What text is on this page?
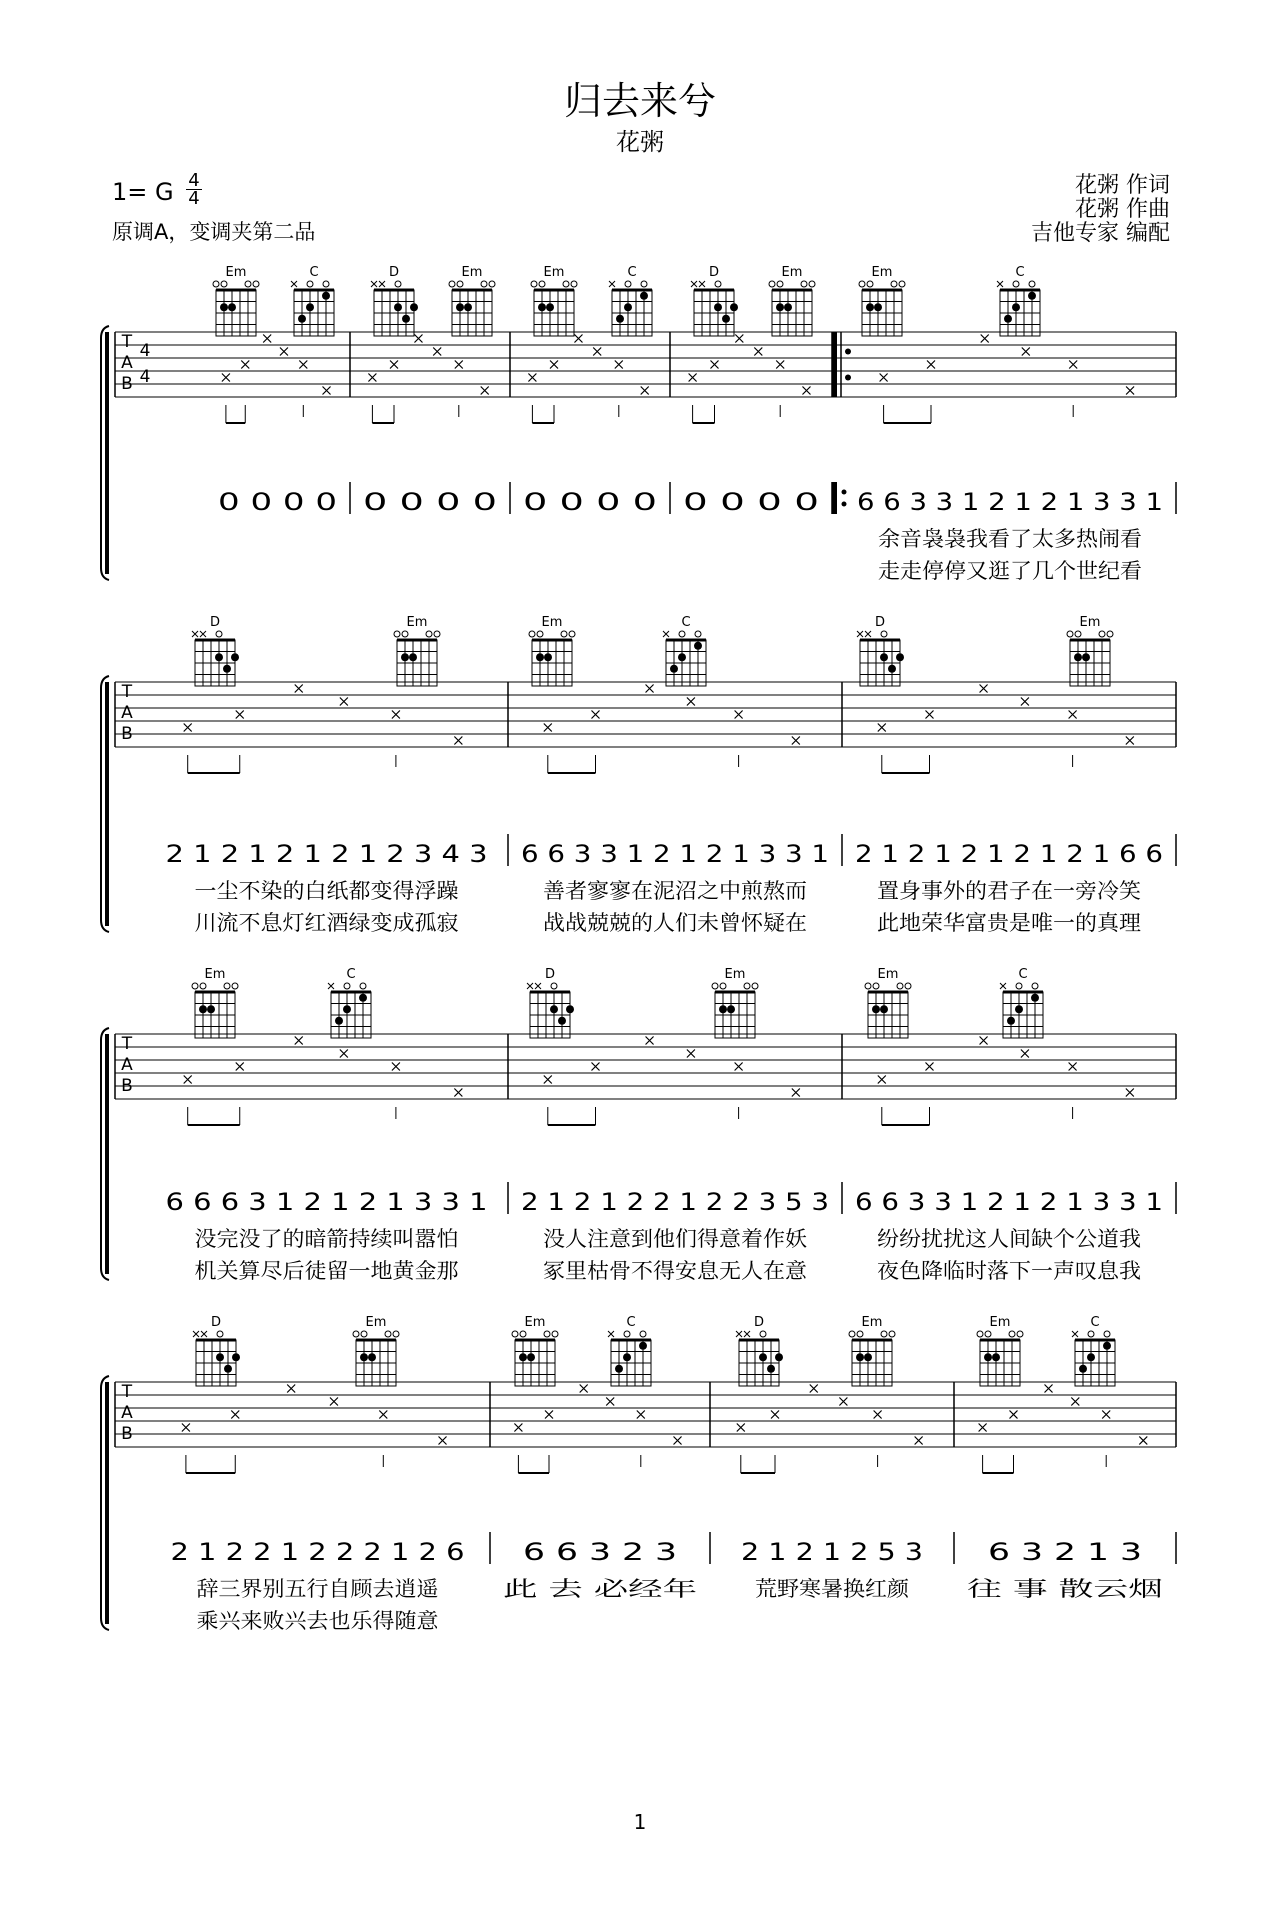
归去来兮
花粥
1= G $\frac{4}{4}$
原调A，变调夹第二品
花粥 作词
花粥 作曲
吉他专家 编配
1
Em	C	D	Em	Em	C	D	Em	Em	C
T
A
B
4
4
0 0 0 0 0 0 0 0 0 0 0 0 0 0 0 0 6 6 3 3 1 2 1 2 1 3 3 1
余音袅袅我看了太多热闹看
走走停停又逛了几个世纪看
D	Em	Em	C	D	Em
T
A
B
2 1 2 1 2 1 2 1 2 3 4 3
一尘不染的白纸都变得浮躁
川流不息灯红酒绿变成孤寂
6 6 3 3 1 2 1 2 1 3 3 1
善者寥寥在泥沼之中煎熬而
战战兢兢的人们未曾怀疑在
2 1 2 1 2 1 2 1 2 1 6 6
置身事外的君子在一旁冷笑
此地荣华富贵是唯一的真理
Em	C	D	Em	Em	C
T
A
B
6 6 6 3 1 2 1 2 1 3 3 1
没完没了的暗箭持续叫嚣怕
机关算尽后徒留一地黄金那
2 1 2 1 2 2 1 2 2 3 5 3
没人注意到他们得意着作妖
冢里枯骨不得安息无人在意
6 6 3 3 1 2 1 2 1 3 3 1
纷纷扰扰这人间缺个公道我
夜色降临时落下一声叹息我
D	Em	Em	C	D	Em	Em	C
T
A
B
2 1 2 2 1 2 2 2 1 2 6
辞三界别五行自顾去逍遥
乘兴来败兴去也乐得随意
6 6 3 2 3
此 去 必经年
2 1 2 1 2 5 3
荒野寒暑换红颜
6 3 2 1 3
往 事 散云烟
